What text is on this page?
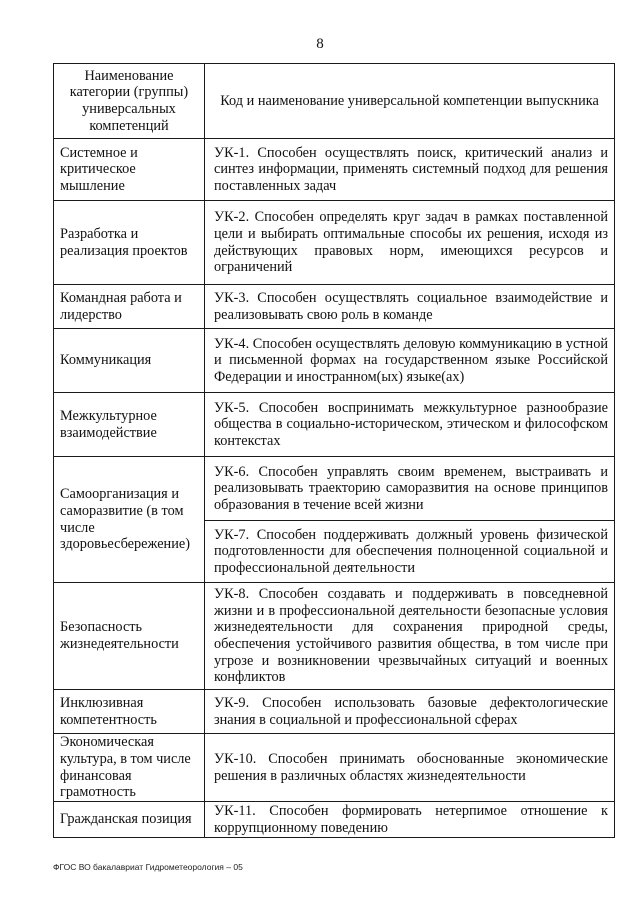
8
Наименование категории (группы) универсальных компетенций	Код и наименование универсальной компетенции выпускника
Системное и критическое мышление	УК-1. Способен осуществлять поиск, критический анализ и синтез информации, применять системный подход для решения поставленных задач
Разработка и реализация проектов	УК-2. Способен определять круг задач в рамках поставленной цели и выбирать оптимальные способы их решения, исходя из действующих правовых норм, имеющихся ресурсов и ограничений
Командная работа и лидерство	УК-3. Способен осуществлять социальное взаимодействие и реализовывать свою роль в команде
Коммуникация	УК-4. Способен осуществлять деловую коммуникацию в устной и письменной формах на государственном языке Российской Федерации и иностранном(ых) языке(ах)
Межкультурное взаимодействие	УК-5. Способен воспринимать межкультурное разнообразие общества в социально-историческом, этическом и философском контекстах
Самоорганизация и саморазвитие (в том числе здоровьесбережение)	УК-6. Способен управлять своим временем, выстраивать и реализовывать траекторию саморазвития на основе принципов образования в течение всей жизни
	УК-7. Способен поддерживать должный уровень физической подготовленности для обеспечения полноценной социальной и профессиональной деятельности
Безопасность жизнедеятельности	УК-8. Способен создавать и поддерживать в повседневной жизни и в профессиональной деятельности безопасные условия жизнедеятельности для сохранения природной среды, обеспечения устойчивого развития общества, в том числе при угрозе и возникновении чрезвычайных ситуаций и военных конфликтов
Инклюзивная компетентность	УК-9. Способен использовать базовые дефектологические знания в социальной и профессиональной сферах
Экономическая культура, в том числе финансовая грамотность	УК-10. Способен принимать обоснованные экономические решения в различных областях жизнедеятельности
Гражданская позиция	УК-11. Способен формировать нетерпимое отношение к коррупционному поведению
ФГОС ВО бакалавриат Гидрометеорология – 05
